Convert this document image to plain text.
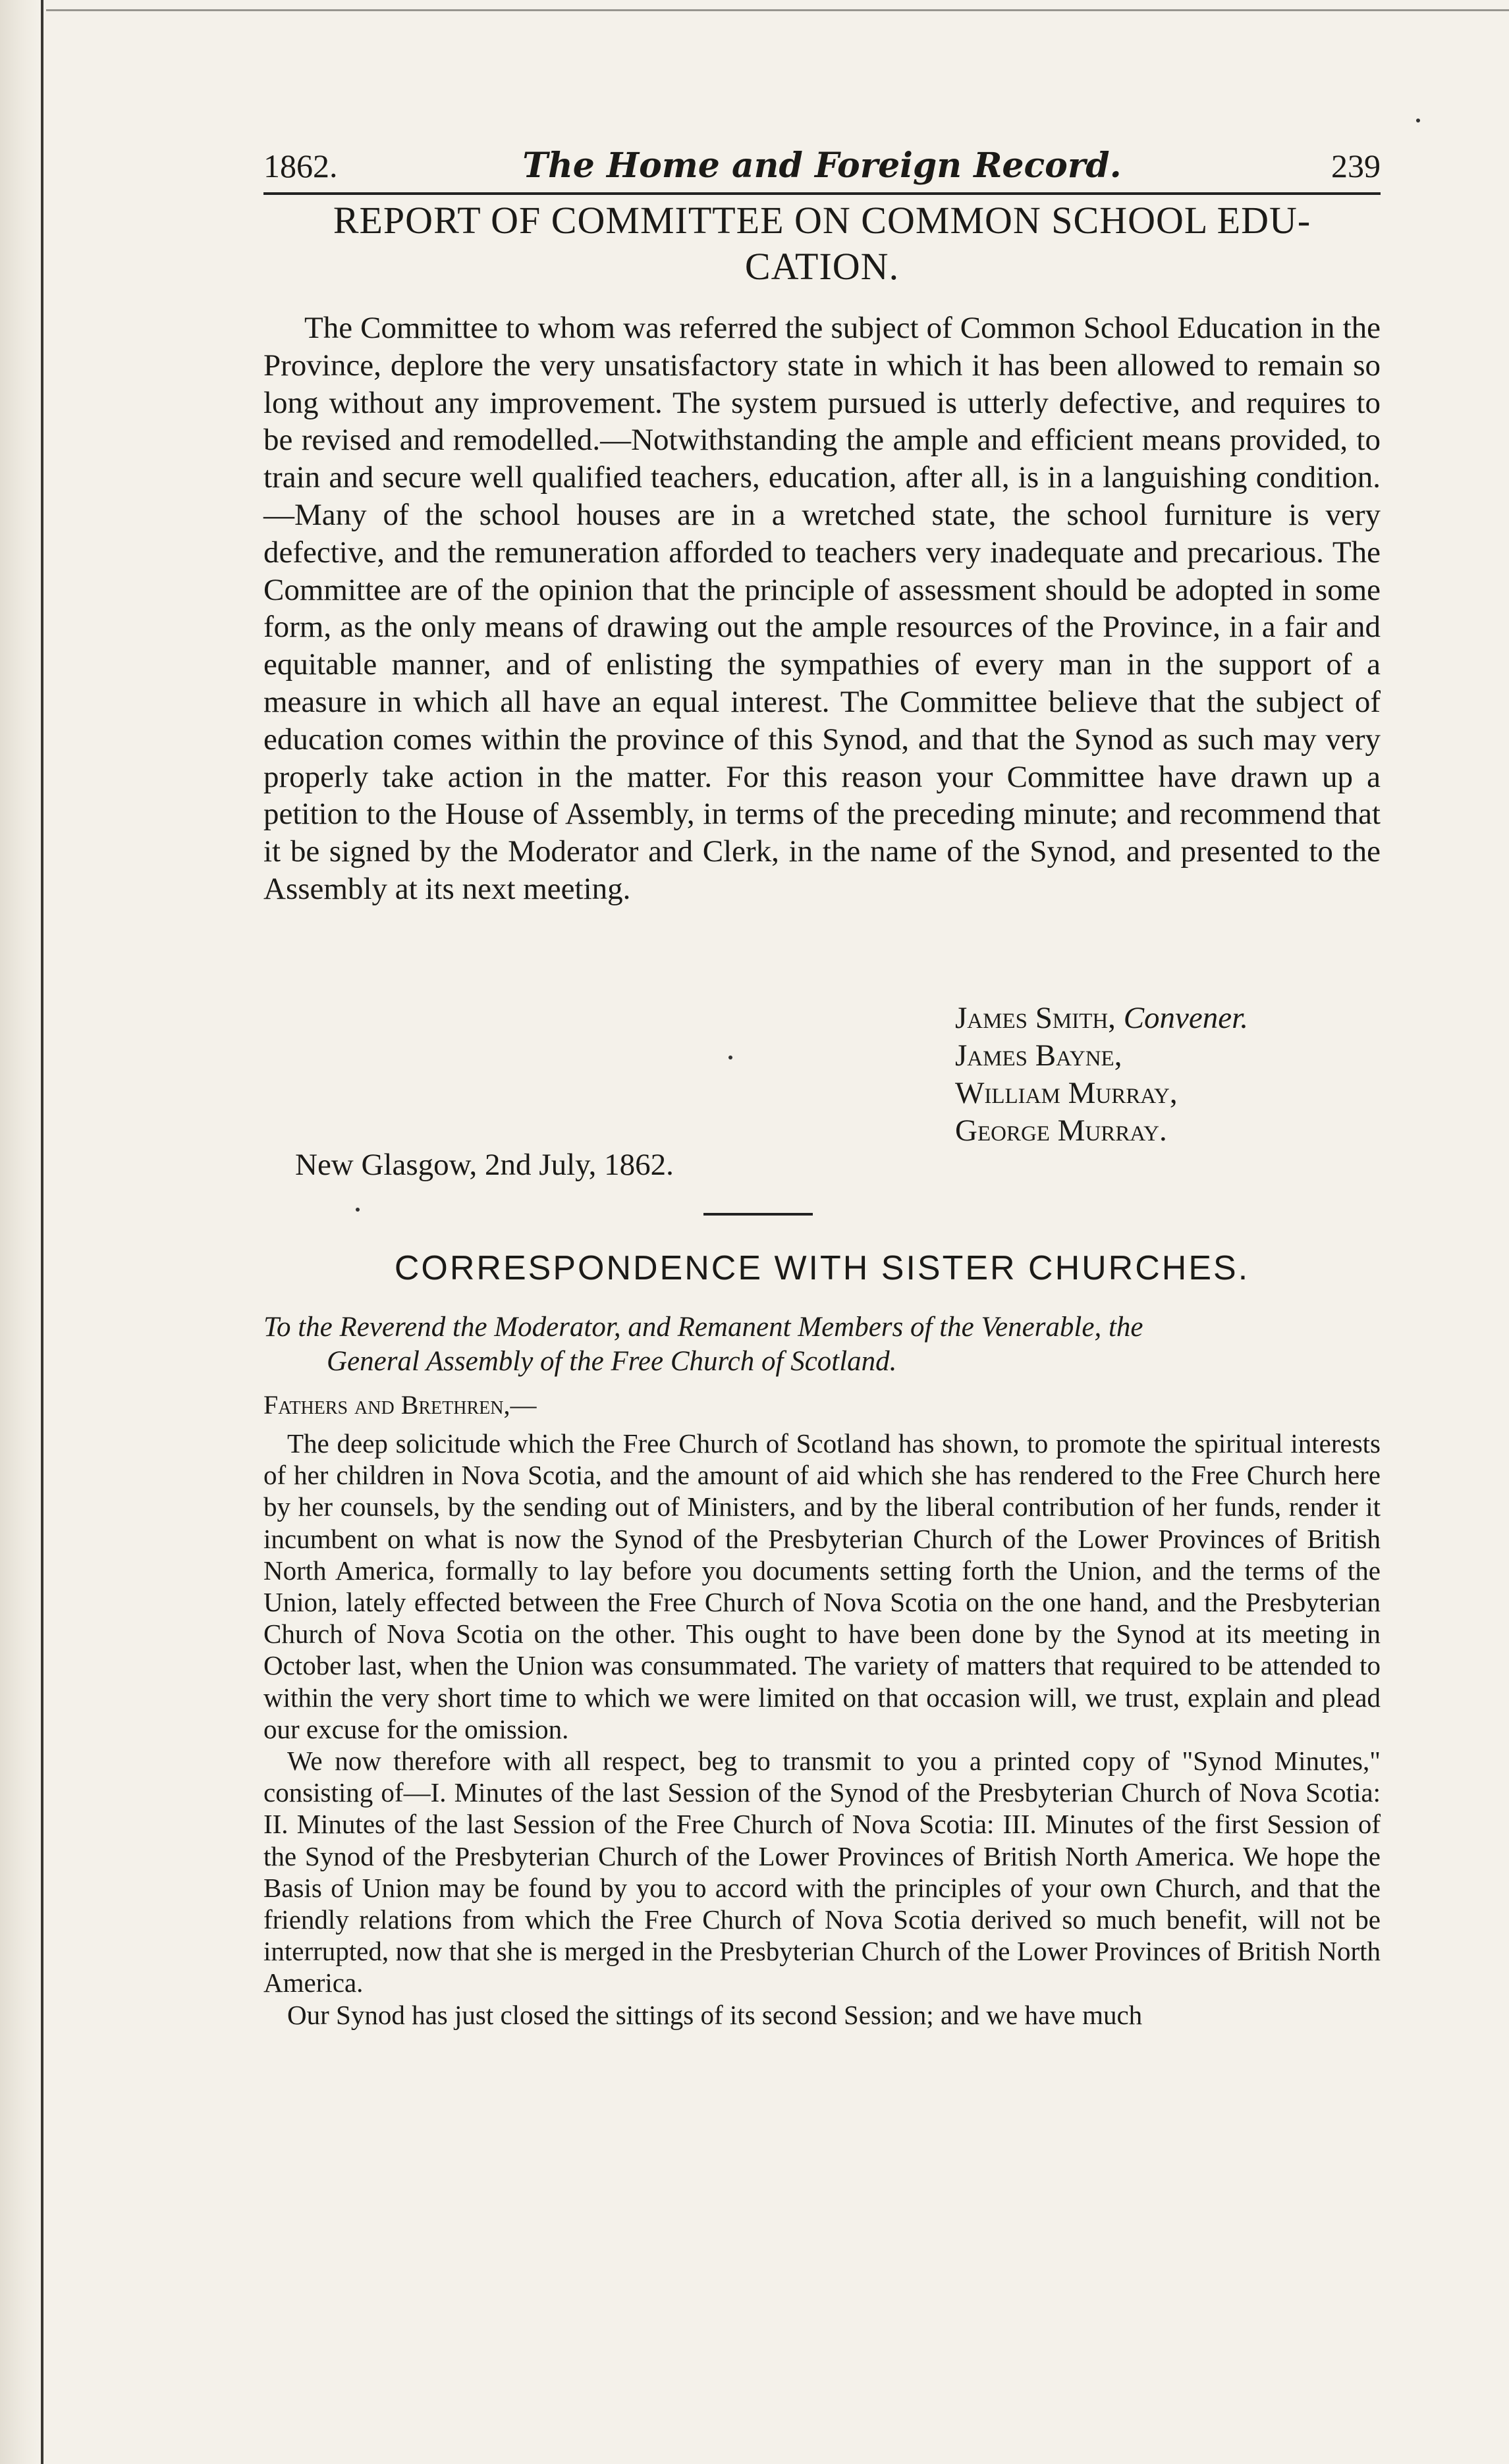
1862.	The Home and Foreign Record.	239
REPORT OF COMMITTEE ON COMMON SCHOOL EDU-
CATION.

The Committee to whom was referred the subject of Common School Education in the Province, deplore the very unsatisfactory state in which it has been allowed to remain so long without any improvement. The system pursued is utterly defective, and requires to be revised and remodelled.—Notwithstanding the ample and efficient means provided, to train and secure well qualified teachers, education, after all, is in a languishing condition.—Many of the school houses are in a wretched state, the school furniture is very defective, and the remuneration afforded to teachers very inadequate and precarious. The Committee are of the opinion that the principle of assessment should be adopted in some form, as the only means of drawing out the ample resources of the Province, in a fair and equitable manner, and of enlisting the sympathies of every man in the support of a measure in which all have an equal interest. The Committee believe that the subject of education comes within the province of this Synod, and that the Synod as such may very properly take action in the matter. For this reason your Committee have drawn up a petition to the House of Assembly, in terms of the preceding minute; and recommend that it be signed by the Moderator and Clerk, in the name of the Synod, and presented to the Assembly at its next meeting.

James Smith, Convener.
James Bayne,
William Murray,
George Murray.
New Glasgow, 2nd July, 1862.
CORRESPONDENCE WITH SISTER CHURCHES.
To the Reverend the Moderator, and Remanent Members of the Venerable, the
General Assembly of the Free Church of Scotland.
Fathers and Brethren,—

The deep solicitude which the Free Church of Scotland has shown, to promote the spiritual interests of her children in Nova Scotia, and the amount of aid which she has rendered to the Free Church here by her counsels, by the sending out of Ministers, and by the liberal contribution of her funds, render it incumbent on what is now the Synod of the Presbyterian Church of the Lower Provinces of British North America, formally to lay before you documents setting forth the Union, and the terms of the Union, lately effected between the Free Church of Nova Scotia on the one hand, and the Presbyterian Church of Nova Scotia on the other. This ought to have been done by the Synod at its meeting in October last, when the Union was consummated. The variety of matters that required to be attended to within the very short time to which we were limited on that occasion will, we trust, explain and plead our excuse for the omission.

We now therefore with all respect, beg to transmit to you a printed copy of "Synod Minutes," consisting of—I. Minutes of the last Session of the Synod of the Presbyterian Church of Nova Scotia: II. Minutes of the last Session of the Free Church of Nova Scotia: III. Minutes of the first Session of the Synod of the Presbyterian Church of the Lower Provinces of British North America. We hope the Basis of Union may be found by you to accord with the principles of your own Church, and that the friendly relations from which the Free Church of Nova Scotia derived so much benefit, will not be interrupted, now that she is merged in the Presbyterian Church of the Lower Provinces of British North America.

Our Synod has just closed the sittings of its second Session; and we have much
